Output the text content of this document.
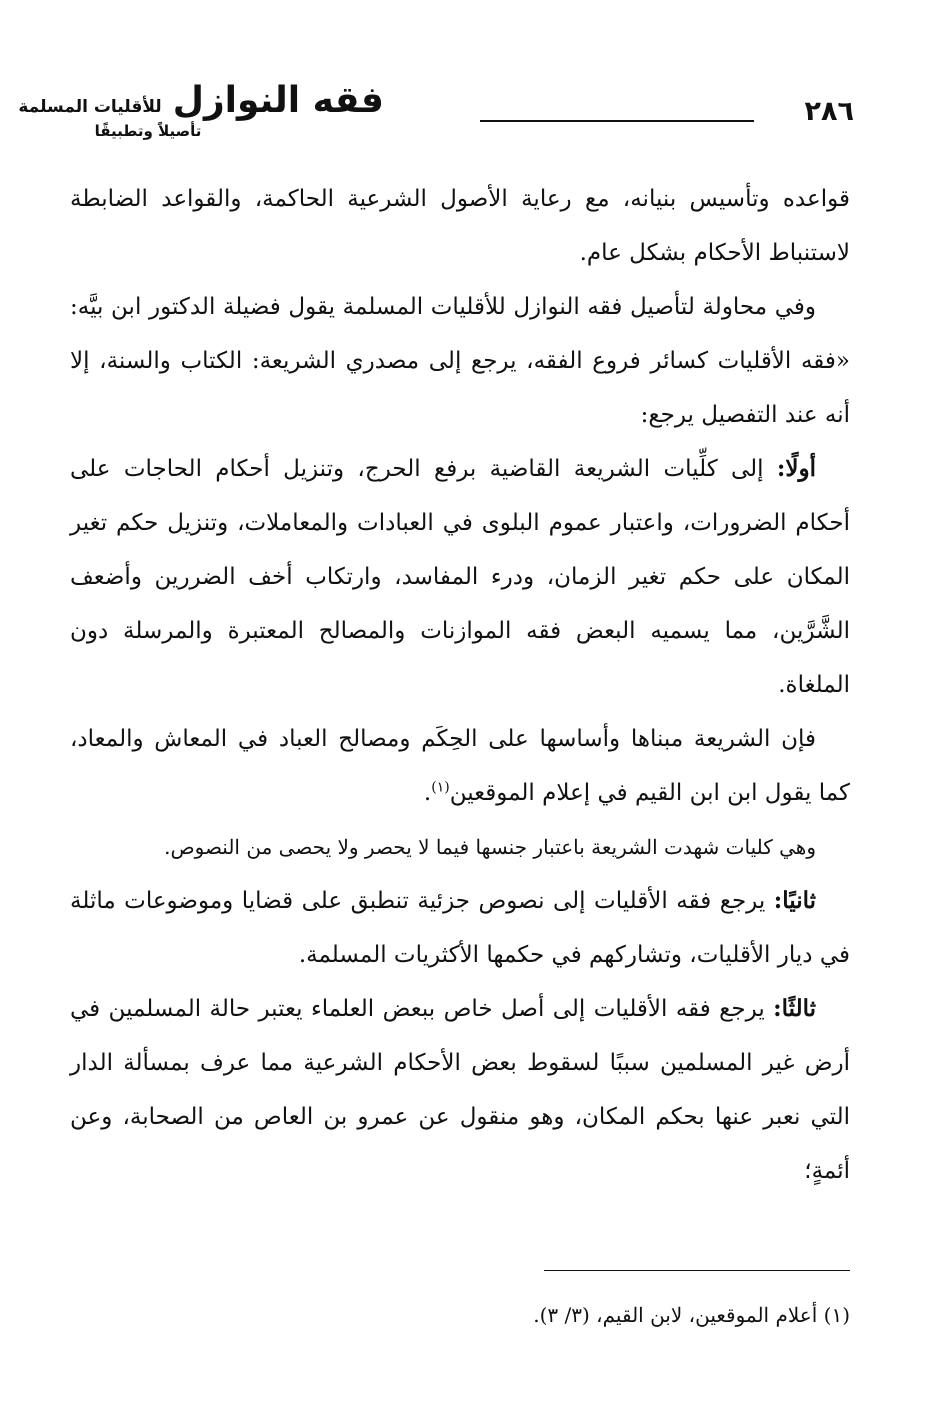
٢٨٦
فقه النوازل للأقليات المسلمة
تأصيلاً وتطبيقًا

قواعده وتأسيس بنيانه، مع رعاية الأصول الشرعية الحاكمة، والقواعد الضابطة لاستنباط الأحكام بشكل عام.

وفي محاولة لتأصيل فقه النوازل للأقليات المسلمة يقول فضيلة الدكتور ابن بيَّه: «فقه الأقليات كسائر فروع الفقه، يرجع إلى مصدري الشريعة: الكتاب والسنة، إلا أنه عند التفصيل يرجع:

أولًا: إلى كلِّيات الشريعة القاضية برفع الحرج، وتنزيل أحكام الحاجات على أحكام الضرورات، واعتبار عموم البلوى في العبادات والمعاملات، وتنزيل حكم تغير المكان على حكم تغير الزمان، ودرء المفاسد، وارتكاب أخف الضررين وأضعف الشَّرَّين، مما يسميه البعض فقه الموازنات والمصالح المعتبرة والمرسلة دون الملغاة.

فإن الشريعة مبناها وأساسها على الحِكَم ومصالح العباد في المعاش والمعاد، كما يقول ابن ابن القيم في إعلام الموقعين$^{(١)}$.

وهي كليات شهدت الشريعة باعتبار جنسها فيما لا يحصر ولا يحصى من النصوص.

ثانيًا: يرجع فقه الأقليات إلى نصوص جزئية تنطبق على قضايا وموضوعات ماثلة في ديار الأقليات، وتشاركهم في حكمها الأكثريات المسلمة.

ثالثًا: يرجع فقه الأقليات إلى أصل خاص ببعض العلماء يعتبر حالة المسلمين في أرض غير المسلمين سببًا لسقوط بعض الأحكام الشرعية مما عرف بمسألة الدار التي نعبر عنها بحكم المكان، وهو منقول عن عمرو بن العاص من الصحابة، وعن أئمةٍ؛

(١) أعلام الموقعين، لابن القيم، (٣/ ٣).
